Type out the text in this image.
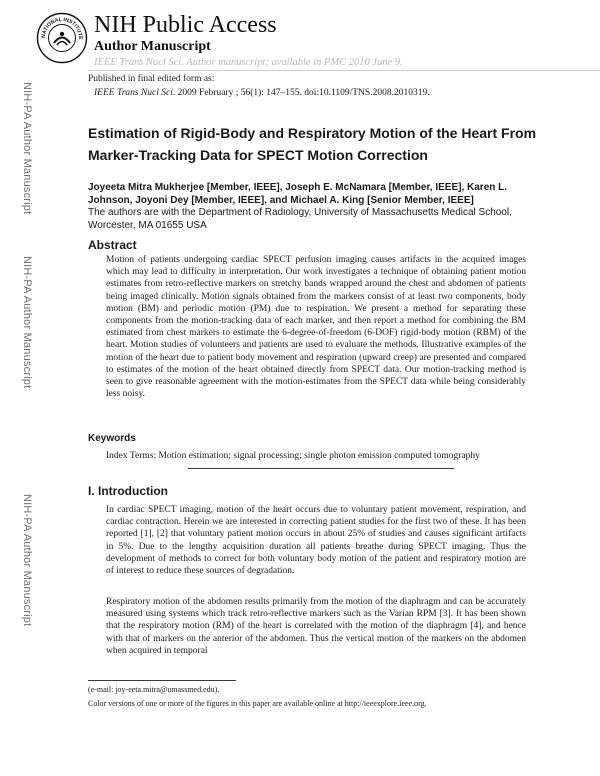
NATIONAL INSTITUTE NIH Public Access
Author Manuscript
IEEE Trans Nucl Sci. Author manuscript; available in PMC 2010 June 9.
Published in final edited form as:
IEEE Trans Nucl Sci. 2009 February ; 56(1): 147–155. doi:10.1109/TNS.2008.2010319.
NIH-PA Author Manuscript
NIH-PA Author Manuscript
NIH-PA Author Manuscript
Estimation of Rigid-Body and Respiratory Motion of the Heart From Marker-Tracking Data for SPECT Motion Correction
Joyeeta Mitra Mukherjee [Member, IEEE], Joseph E. McNamara [Member, IEEE], Karen L. Johnson, Joyoni Dey [Member, IEEE], and Michael A. King [Senior Member, IEEE]
The authors are with the Department of Radiology, University of Massachusetts Medical School, Worcester, MA 01655 USA
Abstract
Motion of patients undergoing cardiac SPECT perfusion imaging causes artifacts in the acquired images which may lead to difficulty in interpretation. Our work investigates a technique of obtaining patient motion estimates from retro-reflective markers on stretchy bands wrapped around the chest and abdomen of patients being imaged clinically. Motion signals obtained from the markers consist of at least two components, body motion (BM) and periodic motion (PM) due to respiration. We present a method for separating these components from the motion-tracking data of each marker, and then report a method for combining the BM estimated from chest markers to estimate the 6-degree-of-freedom (6-DOF) rigid-body motion (RBM) of the heart. Motion studies of volunteers and patients are used to evaluate the methods. Illustrative examples of the motion of the heart due to patient body movement and respiration (upward creep) are presented and compared to estimates of the motion of the heart obtained directly from SPECT data. Our motion-tracking method is seen to give reasonable agreement with the motion-estimates from the SPECT data while being considerably less noisy.
Keywords
Index Terms; Motion estimation; signal processing; single photon emission computed tomography
I. Introduction
In cardiac SPECT imaging, motion of the heart occurs due to voluntary patient movement, respiration, and cardiac contraction. Herein we are interested in correcting patient studies for the first two of these. It has been reported [1], [2] that voluntary patient motion occurs in about 25% of studies and causes significant artifacts in 5%. Due to the lengthy acquisition duration all patients breathe during SPECT imaging. Thus the development of methods to correct for both voluntary body motion of the patient and respiratory motion are of interest to reduce these sources of degradation.
Respiratory motion of the abdomen results primarily from the motion of the diaphragm and can be accurately measured using systems which track retro-reflective markers such as the Varian RPM [3]. It has been shown that the respiratory motion (RM) of the heart is correlated with the motion of the diaphragm [4], and hence with that of markers on the anterior of the abdomen. Thus the vertical motion of the markers on the abdomen when acquired in temporal
(e-mail: joy-eeta.mitra@umassmed.edu).
Color versions of one or more of the figures in this paper are available online at http://ieeexplore.ieee.org.
